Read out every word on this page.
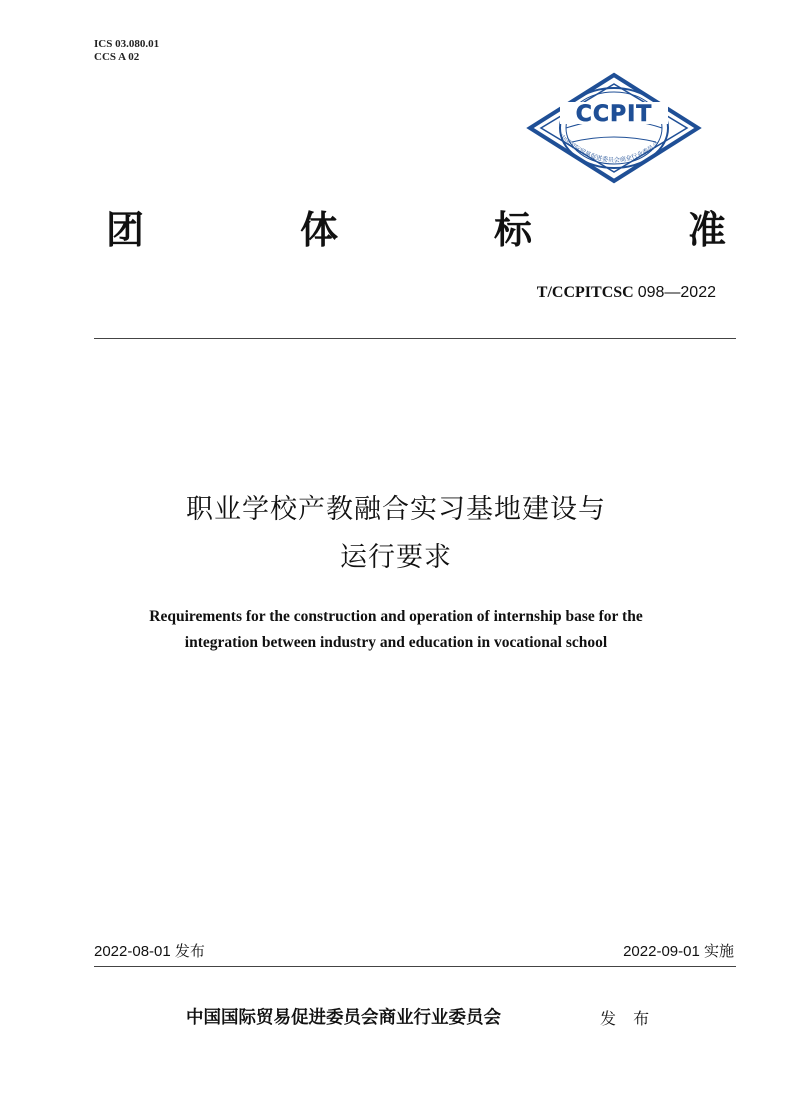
ICS 03.080.01
CCS A 02
CCPIT
中国国际贸易促进委员会商业行业委员会
团	体	标	准
T/CCPITCSC 098—2022
职业学校产教融合实习基地建设与
运行要求
Requirements for the construction and operation of internship base for the
integration between industry and education in vocational school
2022-08-01 发布	2022-09-01 实施
中国国际贸易促进委员会商业行业委员会	发 布
